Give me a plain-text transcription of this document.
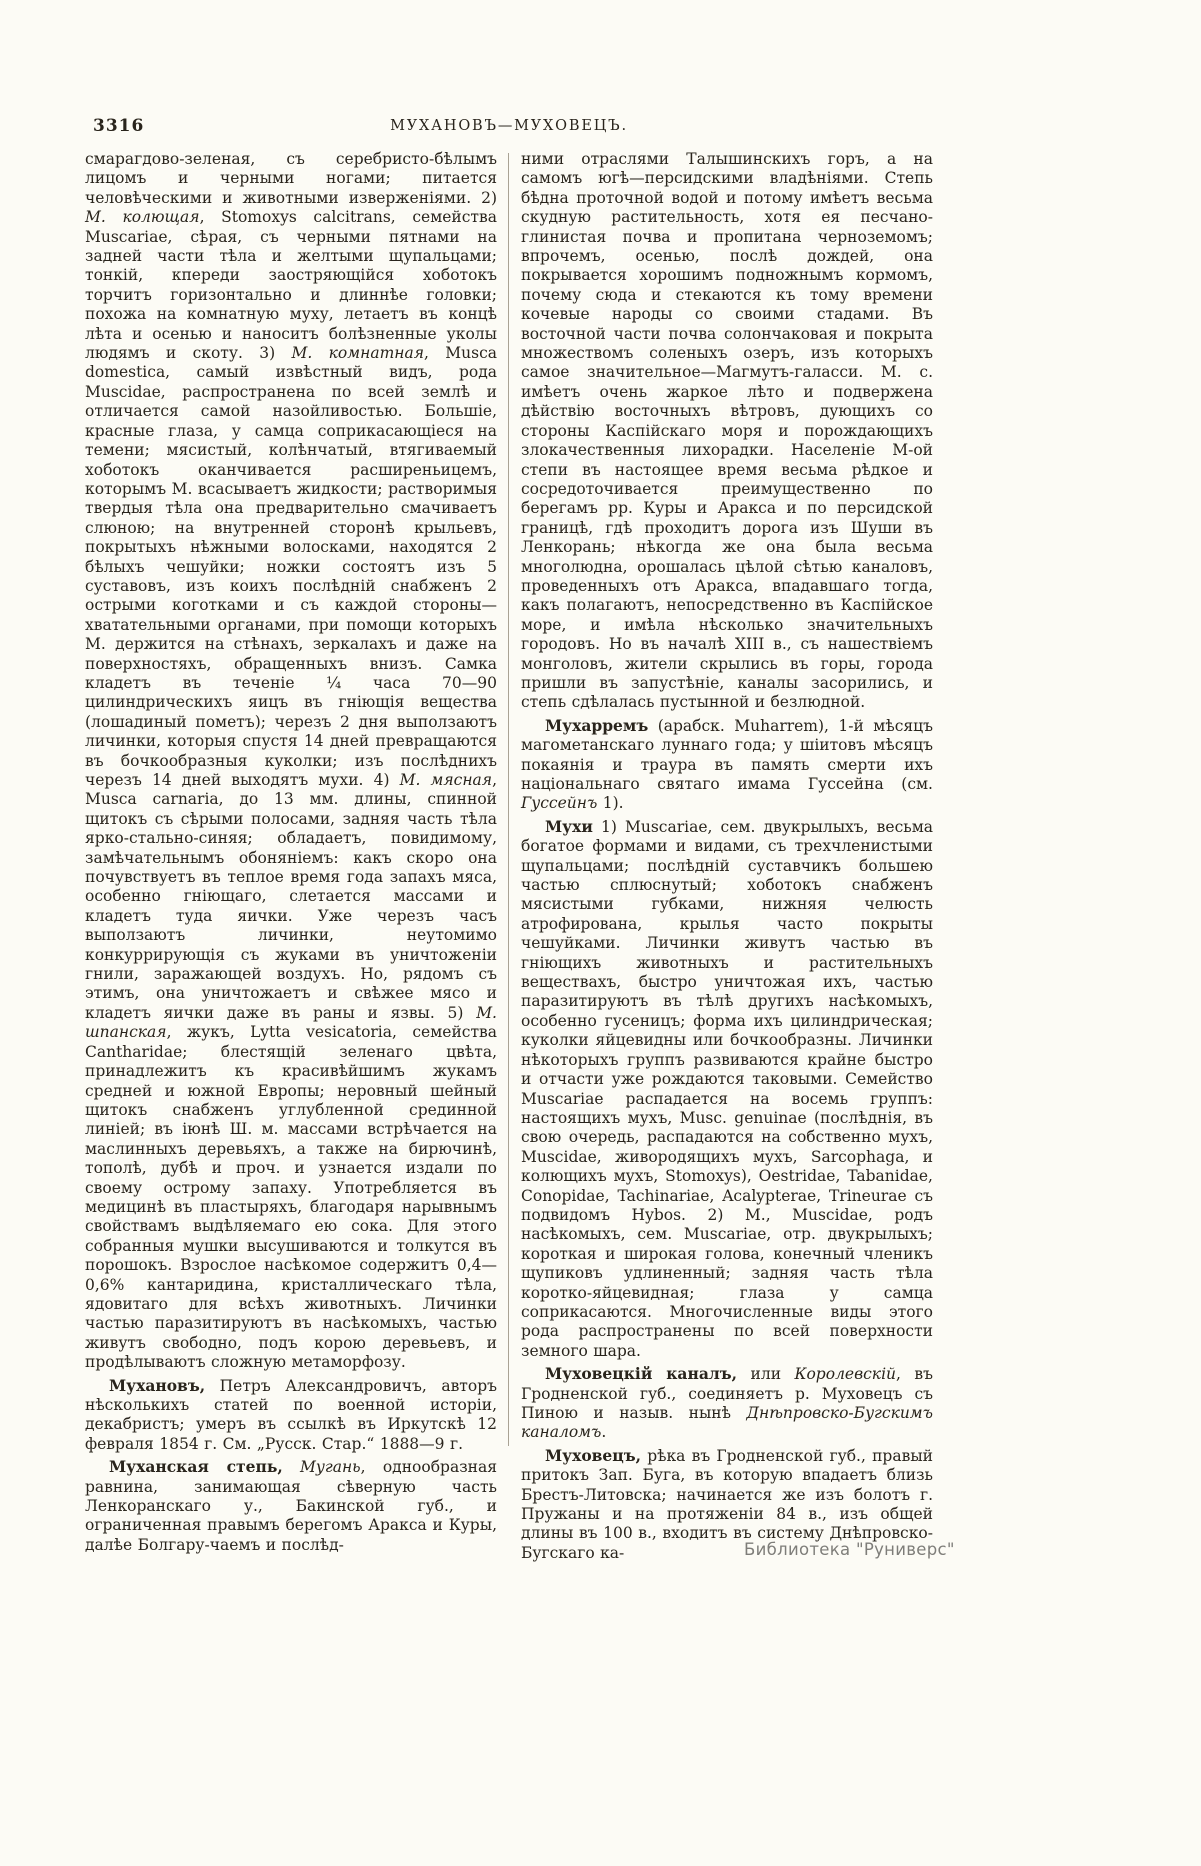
3316	МУХАНОВЪ—МУХОВЕЦЪ.

смарагдово-зеленая, съ серебристо-бѣлымъ лицомъ и черными ногами; питается человѣческими и животными изверженіями. 2) М. колющая, Stomoxys calcitrans, семейства Muscariae, сѣрая, съ черными пятнами на задней части тѣла и желтыми щупальцами; тонкій, кпереди заостряющійся хоботокъ торчитъ горизонтально и длиннѣе головки; похожа на комнатную муху, летаетъ въ концѣ лѣта и осенью и наноситъ болѣзненные уколы людямъ и скоту. 3) М. комнатная, Musca domestica, самый извѣстный видъ, рода Muscidae, распространена по всей землѣ и отличается самой назойливостью. Большіе, красные глаза, у самца соприкасающіеся на темени; мясистый, колѣнчатый, втягиваемый хоботокъ оканчивается расширеньицемъ, которымъ М. всасываетъ жидкости; растворимыя твердыя тѣла она предварительно смачиваетъ слюною; на внутренней сторонѣ крыльевъ, покрытыхъ нѣжными волосками, находятся 2 бѣлыхъ чешуйки; ножки состоятъ изъ 5 суставовъ, изъ коихъ послѣдній снабженъ 2 острыми коготками и съ каждой стороны—хватательными органами, при помощи которыхъ М. держится на стѣнахъ, зеркалахъ и даже на поверхностяхъ, обращенныхъ внизъ. Самка кладетъ въ теченіе ¼ часа 70—90 цилиндрическихъ яицъ въ гніющія вещества (лошадиный пометъ); черезъ 2 дня выползаютъ личинки, которыя спустя 14 дней превращаются въ бочкообразныя куколки; изъ послѣднихъ черезъ 14 дней выходятъ мухи. 4) М. мясная, Musca carnaria, до 13 мм. длины, спинной щитокъ съ сѣрыми полосами, задняя часть тѣла ярко-стально-синяя; обладаетъ, повидимому, замѣчательнымъ обоняніемъ: какъ скоро она почувствуетъ въ теплое время года запахъ мяса, особенно гніющаго, слетается массами и кладетъ туда яички. Уже черезъ часъ выползаютъ личинки, неутомимо конкуррирующія съ жуками въ уничтоженіи гнили, заражающей воздухъ. Но, рядомъ съ этимъ, она уничтожаетъ и свѣжее мясо и кладетъ яички даже въ раны и язвы. 5) М. шпанская, жукъ, Lytta vesicatoria, семейства Cantharidae; блестящій зеленаго цвѣта, принадлежитъ къ красивѣйшимъ жукамъ средней и южной Европы; неровный шейный щитокъ снабженъ углубленной срединной линіей; въ іюнѣ Ш. м. массами встрѣчается на маслинныхъ деревьяхъ, а также на бирючинѣ, тополѣ, дубѣ и проч. и узнается издали по своему острому запаху. Употребляется въ медицинѣ въ пластыряхъ, благодаря нарывнымъ свойствамъ выдѣляемаго ею сока. Для этого собранныя мушки высушиваются и толкутся въ порошокъ. Взрослое насѣкомое содержитъ 0,4—0,6% кантаридина, кристаллическаго тѣла, ядовитаго для всѣхъ животныхъ. Личинки частью паразитируютъ въ насѣкомыхъ, частью живутъ свободно, подъ корою деревьевъ, и продѣлываютъ сложную метаморфозу.

Мухановъ, Петръ Александровичъ, авторъ нѣсколькихъ статей по военной исторіи, декабристъ; умеръ въ ссылкѣ въ Иркутскѣ 12 февраля 1854 г. См. „Русск. Стар.“ 1888—9 г.

Муханская степь, Мугань, однообразная равнина, занимающая сѣверную часть Ленкоранскаго у., Бакинской губ., и ограниченная правымъ берегомъ Аракса и Куры, далѣе Болгару-чаемъ и послѣд-

ними отраслями Талышинскихъ горъ, а на самомъ югѣ—персидскими владѣніями. Степь бѣдна проточной водой и потому имѣетъ весьма скудную растительность, хотя ея песчано-глинистая почва и пропитана черноземомъ; впрочемъ, осенью, послѣ дождей, она покрывается хорошимъ подножнымъ кормомъ, почему сюда и стекаются къ тому времени кочевые народы со своими стадами. Въ восточной части почва солончаковая и покрыта множествомъ соленыхъ озеръ, изъ которыхъ самое значительное—Магмутъ-галасси. М. с. имѣетъ очень жаркое лѣто и подвержена дѣйствію восточныхъ вѣтровъ, дующихъ со стороны Каспійскаго моря и порождающихъ злокачественныя лихорадки. Населеніе М-ой степи въ настоящее время весьма рѣдкое и сосредоточивается преимущественно по берегамъ рр. Куры и Аракса и по персидской границѣ, гдѣ проходитъ дорога изъ Шуши въ Ленкорань; нѣкогда же она была весьма многолюдна, орошалась цѣлой сѣтью каналовъ, проведенныхъ отъ Аракса, впадавшаго тогда, какъ полагаютъ, непосредственно въ Каспійское море, и имѣла нѣсколько значительныхъ городовъ. Но въ началѣ XIII в., съ нашествіемъ монголовъ, жители скрылись въ горы, города пришли въ запустѣніе, каналы засорились, и степь сдѣлалась пустынной и безлюдной.

Мухарремъ (арабск. Muharrem), 1-й мѣсяцъ магометанскаго луннаго года; у шіитовъ мѣсяцъ покаянія и траура въ память смерти ихъ національнаго святаго имама Гуссейна (см. Гуссейнъ 1).

Мухи 1) Muscariae, сем. двукрылыхъ, весьма богатое формами и видами, съ трехчленистыми щупальцами; послѣдній суставчикъ большею частью сплюснутый; хоботокъ снабженъ мясистыми губками, нижняя челюсть атрофирована, крылья часто покрыты чешуйками. Личинки живутъ частью въ гніющихъ животныхъ и растительныхъ веществахъ, быстро уничтожая ихъ, частью паразитируютъ въ тѣлѣ другихъ насѣкомыхъ, особенно гусеницъ; форма ихъ цилиндрическая; куколки яйцевидны или бочкообразны. Личинки нѣкоторыхъ группъ развиваются крайне быстро и отчасти уже рождаются таковыми. Семейство Muscariae распадается на восемь группъ: настоящихъ мухъ, Musc. genuinae (послѣднія, въ свою очередь, распадаются на собственно мухъ, Muscidae, живородящихъ мухъ, Sarcophaga, и колющихъ мухъ, Stomoxys), Oestridae, Tabanidae, Conopidae, Tachinariae, Acalypterae, Trineurae съ подвидомъ Hybos. 2) М., Muscidae, родъ насѣкомыхъ, сем. Muscariae, отр. двукрылыхъ; короткая и широкая голова, конечный членикъ щупиковъ удлиненный; задняя часть тѣла коротко-яйцевидная; глаза у самца соприкасаются. Многочисленные виды этого рода распространены по всей поверхности земного шара.

Муховецкій каналъ, или Королевскій, въ Гродненской губ., соединяетъ р. Муховецъ съ Пиною и назыв. нынѣ Днѣпровско-Бугскимъ каналомъ.

Муховецъ, рѣка въ Гродненской губ., правый притокъ Зап. Буга, въ которую впадаетъ близь Брестъ-Литовска; начинается же изъ болотъ г. Пружаны и на протяженіи 84 в., изъ общей длины въ 100 в., входитъ въ систему Днѣпровско-Бугскаго ка-	Библиотека "Руниверс"
